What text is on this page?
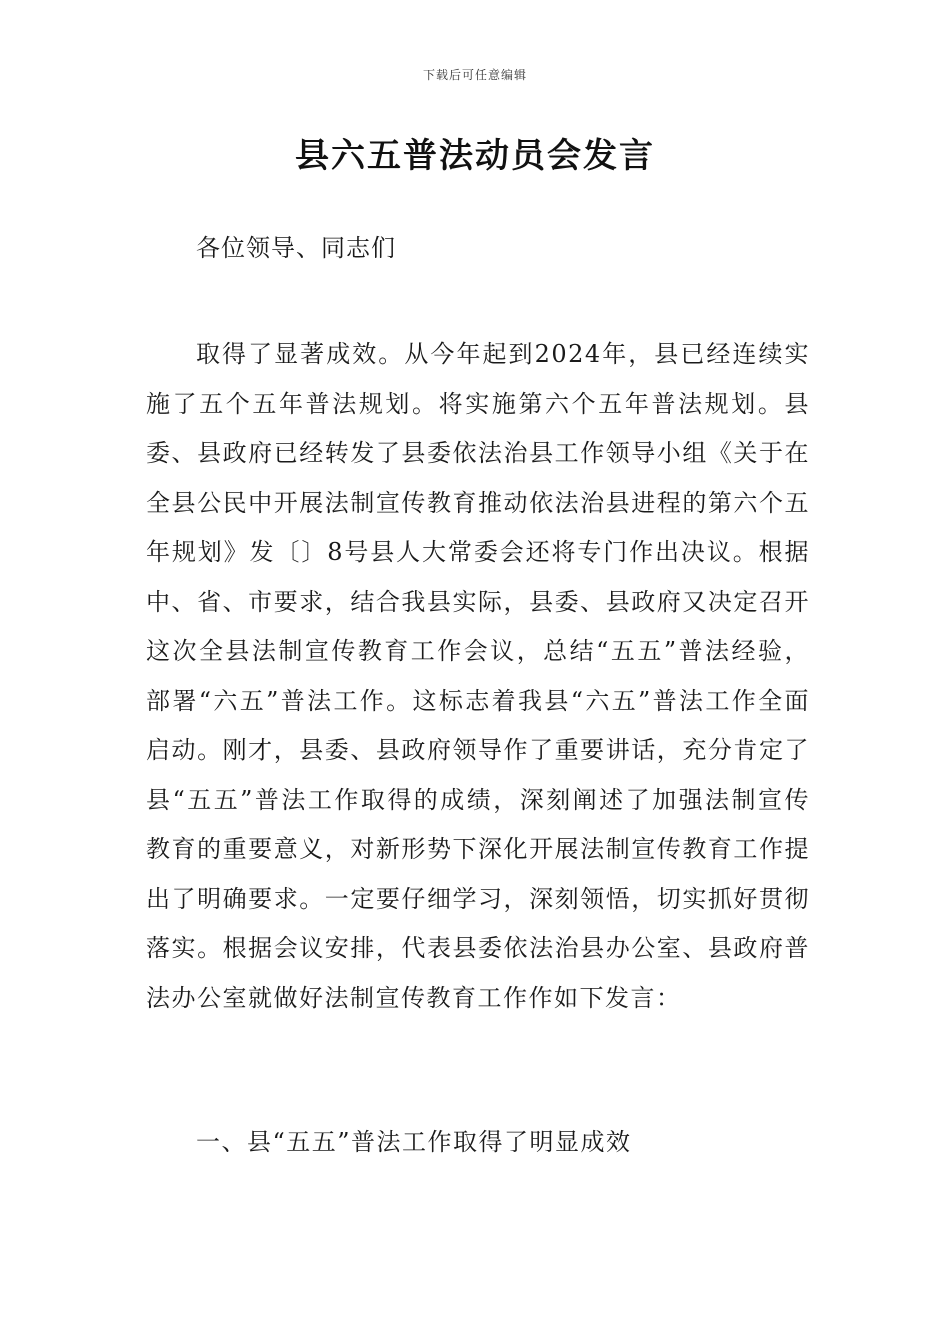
下载后可任意编辑
县六五普法动员会发言
各位领导、同志们

取得了显著成效。从今年起到2024年，县已经连续实施了五个五年普法规划。将实施第六个五年普法规划。县委、县政府已经转发了县委依法治县工作领导小组《关于在全县公民中开展法制宣传教育推动依法治县进程的第六个五年规划》发〔〕8号县人大常委会还将专门作出决议。根据中、省、市要求，结合我县实际，县委、县政府又决定召开这次全县法制宣传教育工作会议，总结“五五”普法经验，部署“六五”普法工作。这标志着我县“六五”普法工作全面启动。刚才，县委、县政府领导作了重要讲话，充分肯定了县“五五”普法工作取得的成绩，深刻阐述了加强法制宣传教育的重要意义，对新形势下深化开展法制宣传教育工作提出了明确要求。一定要仔细学习，深刻领悟，切实抓好贯彻落实。根据会议安排，代表县委依法治县办公室、县政府普法办公室就做好法制宣传教育工作作如下发言：

一、县“五五”普法工作取得了明显成效
